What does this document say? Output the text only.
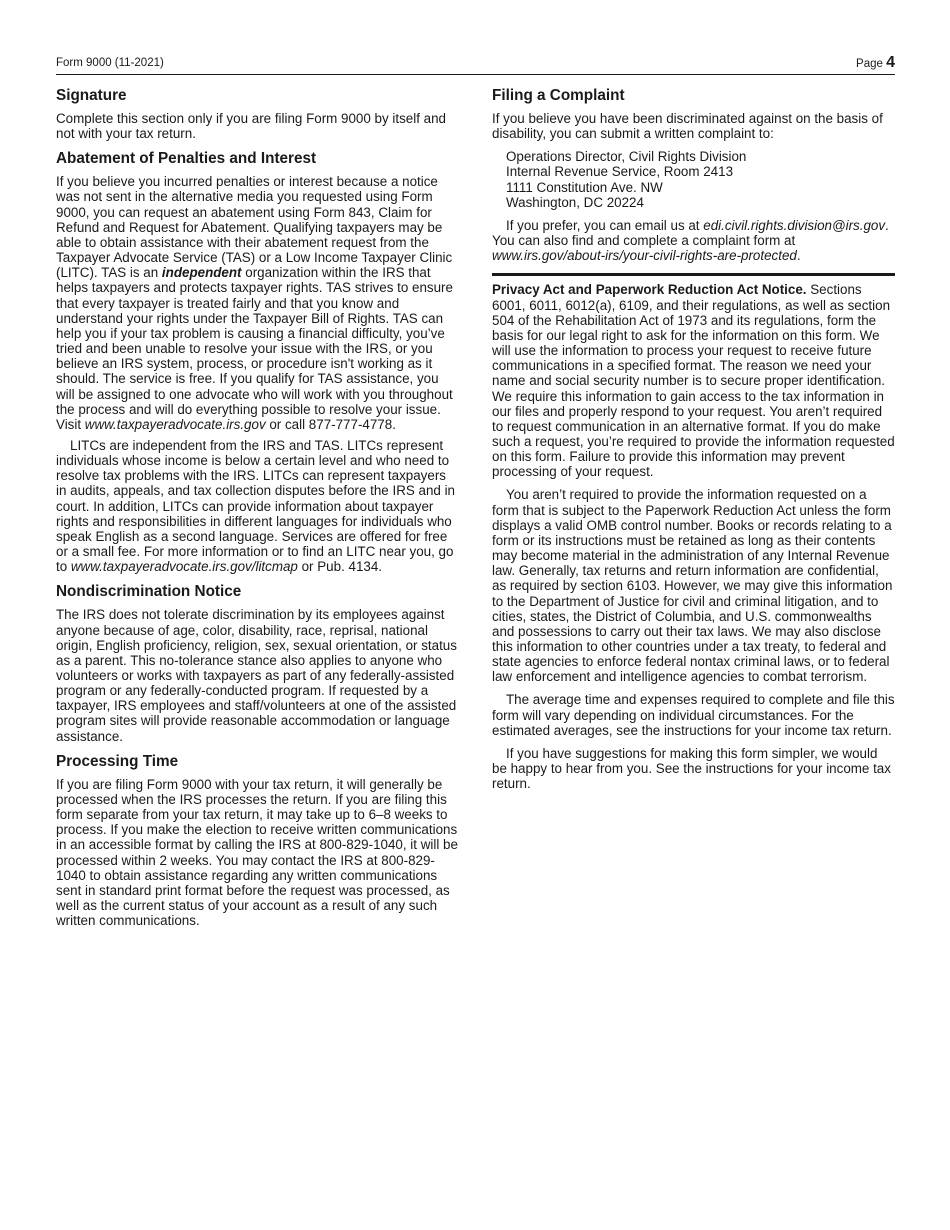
Form 9000 (11-2021)	Page 4
Signature

Complete this section only if you are filing Form 9000 by itself and not with your tax return.

Abatement of Penalties and Interest

If you believe you incurred penalties or interest because a notice was not sent in the alternative media you requested using Form 9000, you can request an abatement using Form 843, Claim for Refund and Request for Abatement. Qualifying taxpayers may be able to obtain assistance with their abatement request from the Taxpayer Advocate Service (TAS) or a Low Income Taxpayer Clinic (LITC). TAS is an independent organization within the IRS that helps taxpayers and protects taxpayer rights. TAS strives to ensure that every taxpayer is treated fairly and that you know and understand your rights under the Taxpayer Bill of Rights. TAS can help you if your tax problem is causing a financial difficulty, you’ve tried and been unable to resolve your issue with the IRS, or you believe an IRS system, process, or procedure isn't working as it should. The service is free. If you qualify for TAS assistance, you will be assigned to one advocate who will work with you throughout the process and will do everything possible to resolve your issue. Visit www.taxpayeradvocate.irs.gov or call 877-777-4778.

LITCs are independent from the IRS and TAS. LITCs represent individuals whose income is below a certain level and who need to resolve tax problems with the IRS. LITCs can represent taxpayers in audits, appeals, and tax collection disputes before the IRS and in court. In addition, LITCs can provide information about taxpayer rights and responsibilities in different languages for individuals who speak English as a second language. Services are offered for free or a small fee. For more information or to find an LITC near you, go to www.taxpayeradvocate.irs.gov/litcmap or Pub. 4134.

Nondiscrimination Notice

The IRS does not tolerate discrimination by its employees against anyone because of age, color, disability, race, reprisal, national origin, English proficiency, religion, sex, sexual orientation, or status as a parent. This no-tolerance stance also applies to anyone who volunteers or works with taxpayers as part of any federally-assisted program or any federally-conducted program. If requested by a taxpayer, IRS employees and staff/volunteers at one of the assisted program sites will provide reasonable accommodation or language assistance.

Processing Time

If you are filing Form 9000 with your tax return, it will generally be processed when the IRS processes the return. If you are filing this form separate from your tax return, it may take up to 6–8 weeks to process. If you make the election to receive written communications in an accessible format by calling the IRS at 800-829-1040, it will be processed within 2 weeks. You may contact the IRS at 800-829-1040 to obtain assistance regarding any written communications sent in standard print format before the request was processed, as well as the current status of your account as a result of any such written communications.

Filing a Complaint

If you believe you have been discriminated against on the basis of disability, you can submit a written complaint to:

Operations Director, Civil Rights Division
Internal Revenue Service, Room 2413
1111 Constitution Ave. NW
Washington, DC 20224

If you prefer, you can email us at edi.civil.rights.division@irs.gov. You can also find and complete a complaint form at www.irs.gov/about-irs/your-civil-rights-are-protected.

Privacy Act and Paperwork Reduction Act Notice. Sections 6001, 6011, 6012(a), 6109, and their regulations, as well as section 504 of the Rehabilitation Act of 1973 and its regulations, form the basis for our legal right to ask for the information on this form. We will use the information to process your request to receive future communications in a specified format. The reason we need your name and social security number is to secure proper identification. We require this information to gain access to the tax information in our files and properly respond to your request. You aren’t required to request communication in an alternative format. If you do make such a request, you’re required to provide the information requested on this form. Failure to provide this information may prevent processing of your request.

You aren’t required to provide the information requested on a form that is subject to the Paperwork Reduction Act unless the form displays a valid OMB control number. Books or records relating to a form or its instructions must be retained as long as their contents may become material in the administration of any Internal Revenue law. Generally, tax returns and return information are confidential, as required by section 6103. However, we may give this information to the Department of Justice for civil and criminal litigation, and to cities, states, the District of Columbia, and U.S. commonwealths and possessions to carry out their tax laws. We may also disclose this information to other countries under a tax treaty, to federal and state agencies to enforce federal nontax criminal laws, or to federal law enforcement and intelligence agencies to combat terrorism.

The average time and expenses required to complete and file this form will vary depending on individual circumstances. For the estimated averages, see the instructions for your income tax return.

If you have suggestions for making this form simpler, we would be happy to hear from you. See the instructions for your income tax return.
